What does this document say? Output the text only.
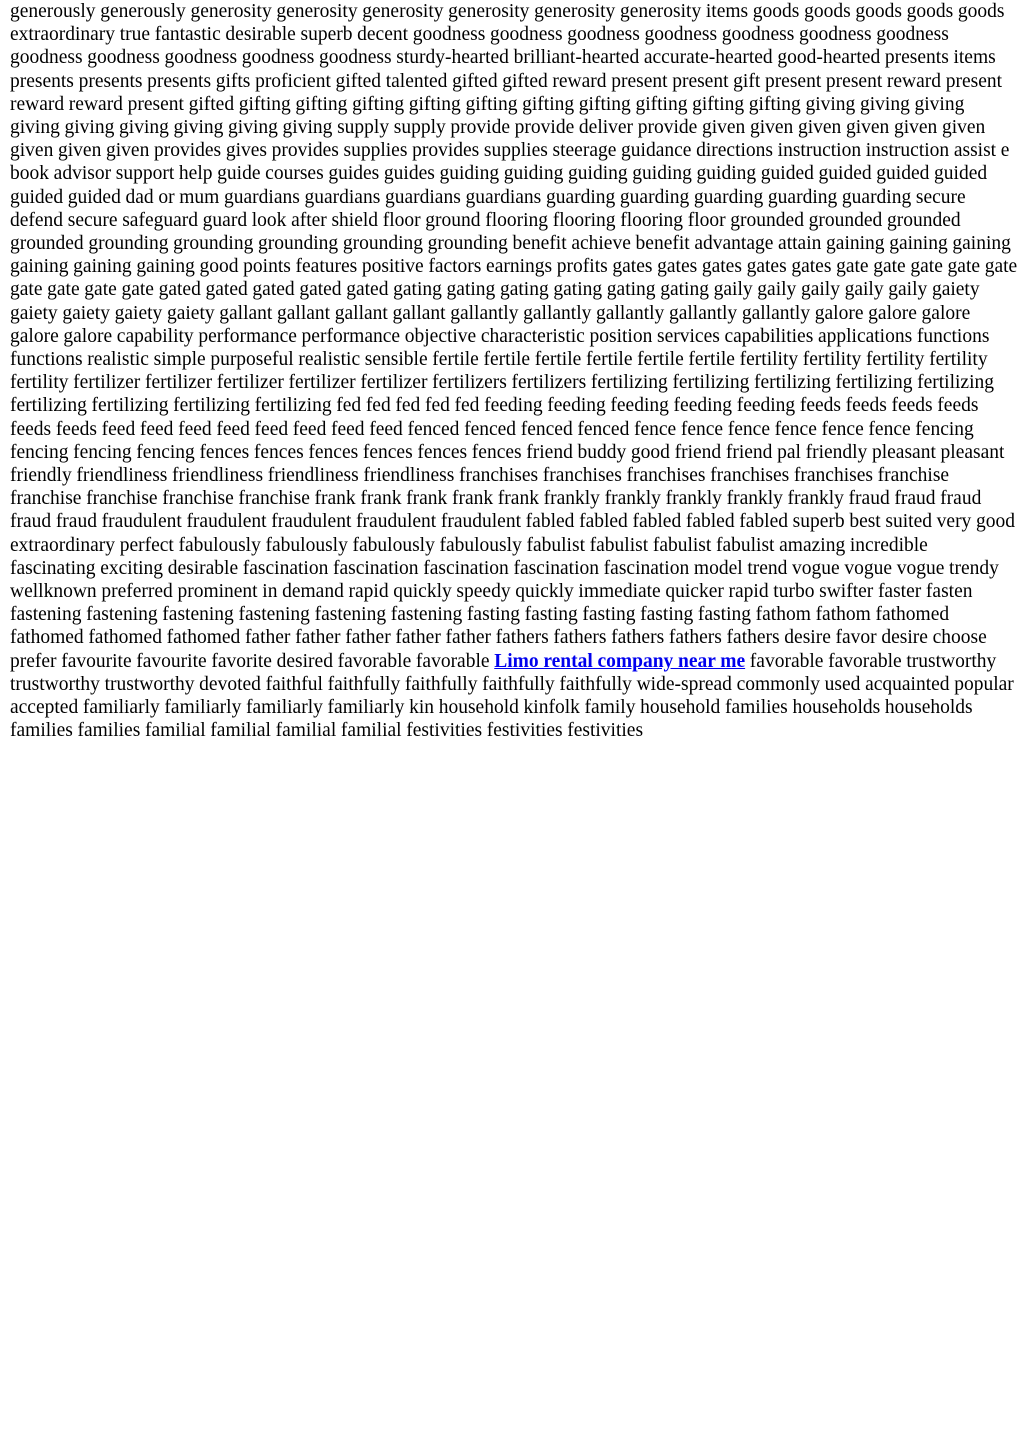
generously generously generosity generosity generosity generosity generosity generosity items goods goods goods goods goods extraordinary true fantastic desirable superb decent goodness goodness goodness goodness goodness goodness goodness goodness goodness goodness goodness goodness sturdy-hearted brilliant-hearted accurate-hearted good-hearted presents items presents presents presents gifts proficient gifted talented gifted gifted reward present present gift present present reward present reward reward present gifted gifting gifting gifting gifting gifting gifting gifting gifting gifting gifting giving giving giving giving giving giving giving giving giving supply supply provide provide deliver provide given given given given given given given given given provides gives provides supplies provides supplies steerage guidance directions instruction instruction assist e book advisor support help guide courses guides guides guiding guiding guiding guiding guiding guided guided guided guided guided guided dad or mum guardians guardians guardians guardians guarding guarding guarding guarding guarding secure defend secure safeguard guard look after shield floor ground flooring flooring flooring floor grounded grounded grounded grounded grounding grounding grounding grounding grounding benefit achieve benefit advantage attain gaining gaining gaining gaining gaining gaining good points features positive factors earnings profits gates gates gates gates gates gate gate gate gate gate gate gate gate gate gated gated gated gated gated gating gating gating gating gating gating gaily gaily gaily gaily gaily gaiety gaiety gaiety gaiety gaiety gallant gallant gallant gallant gallantly gallantly gallantly gallantly gallantly galore galore galore galore galore capability performance performance objective characteristic position services capabilities applications functions functions realistic simple purposeful realistic sensible fertile fertile fertile fertile fertile fertile fertility fertility fertility fertility fertility fertilizer fertilizer fertilizer fertilizer fertilizer fertilizers fertilizers fertilizing fertilizing fertilizing fertilizing fertilizing fertilizing fertilizing fertilizing fertilizing fed fed fed fed fed feeding feeding feeding feeding feeding feeds feeds feeds feeds feeds feeds feed feed feed feed feed feed feed feed fenced fenced fenced fenced fence fence fence fence fence fence fencing fencing fencing fencing fences fences fences fences fences fences friend buddy good friend friend pal friendly pleasant pleasant friendly friendliness friendliness friendliness friendliness franchises franchises franchises franchises franchises franchise franchise franchise franchise franchise frank frank frank frank frank frankly frankly frankly frankly frankly fraud fraud fraud fraud fraud fraudulent fraudulent fraudulent fraudulent fraudulent fabled fabled fabled fabled fabled superb best suited very good extraordinary perfect fabulously fabulously fabulously fabulously fabulist fabulist fabulist fabulist amazing incredible fascinating exciting desirable fascination fascination fascination fascination fascination model trend vogue vogue vogue trendy wellknown preferred prominent in demand rapid quickly speedy quickly immediate quicker rapid turbo swifter faster fasten fastening fastening fastening fastening fastening fastening fasting fasting fasting fasting fasting fathom fathom fathomed fathomed fathomed fathomed father father father father father fathers fathers fathers fathers fathers desire favor desire choose prefer favourite favourite favorite desired favorable favorable Limo rental company near me favorable favorable trustworthy trustworthy trustworthy devoted faithful faithfully faithfully faithfully faithfully wide-spread commonly used acquainted popular accepted familiarly familiarly familiarly familiarly kin household kinfolk family household families households households families families familial familial familial familial festivities festivities festivities
